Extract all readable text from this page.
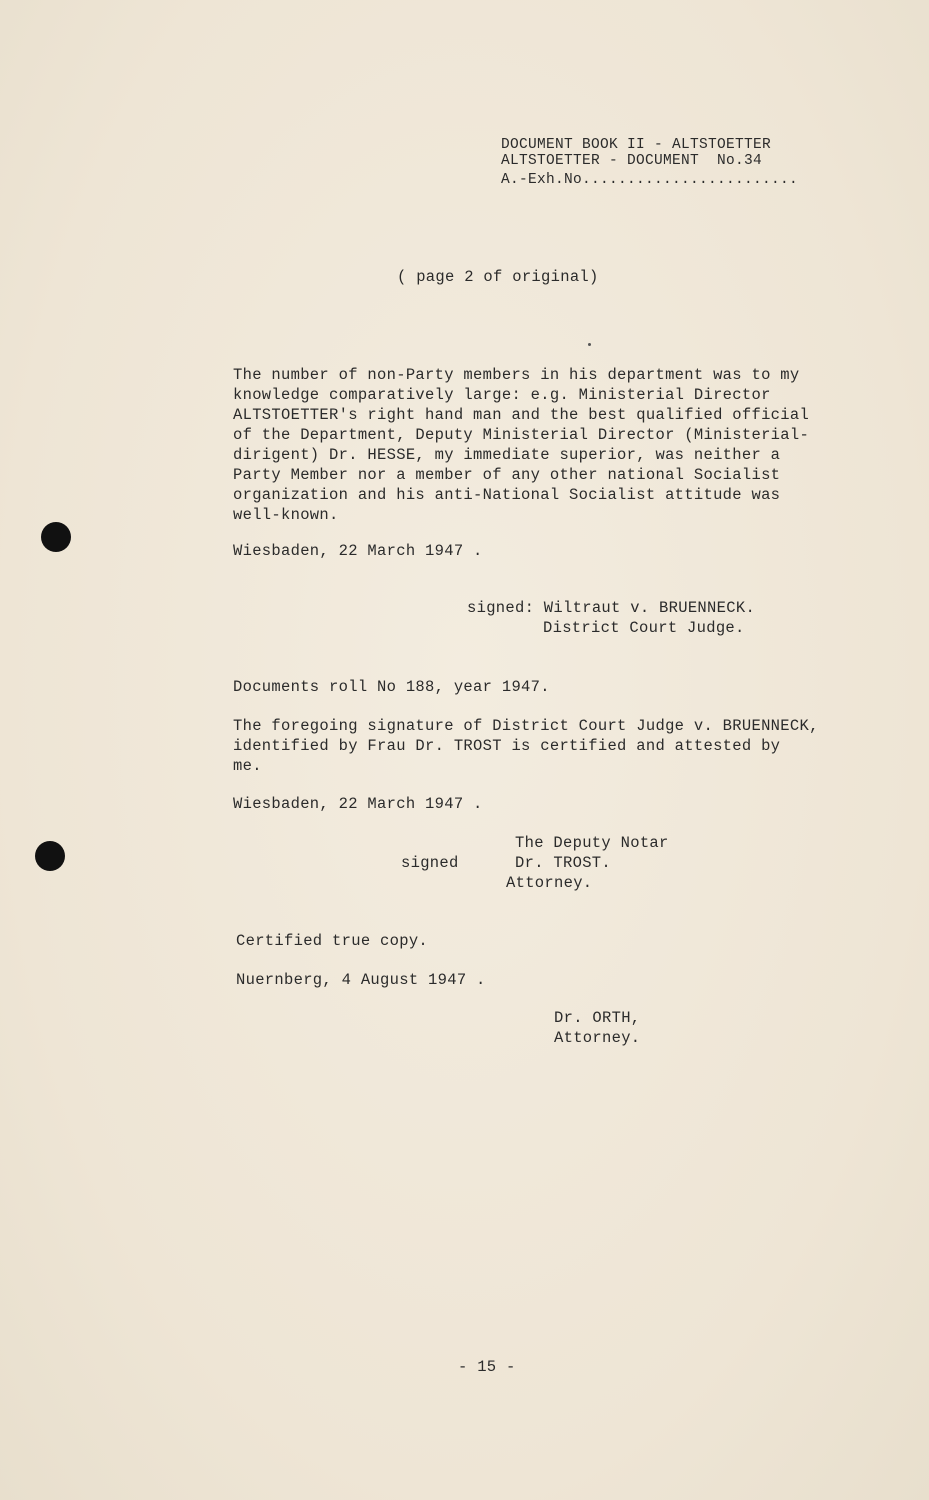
DOCUMENT BOOK II - ALTSTOETTER
ALTSTOETTER - DOCUMENT  No.34
A.-Exh.No........................
( page 2 of original)
The number of non-Party members in his department was to my
knowledge comparatively large: e.g. Ministerial Director
ALTSTOETTER's right hand man and the best qualified official
of the Department, Deputy Ministerial Director (Ministerial-
dirigent) Dr. HESSE, my immediate superior, was neither a
Party Member nor a member of any other national Socialist
organization and his anti-National Socialist attitude was
well-known.
Wiesbaden, 22 March 1947 .
signed: Wiltraut v. BRUENNECK.
District Court Judge.
Documents roll No 188, year 1947.
The foregoing signature of District Court Judge v. BRUENNECK,
identified by Frau Dr. TROST is certified and attested by
me.
Wiesbaden, 22 March 1947 .
signed
The Deputy Notar
Dr. TROST.
Attorney.
Certified true copy.
Nuernberg, 4 August 1947 .
Dr. ORTH,
Attorney.
- 15 -
